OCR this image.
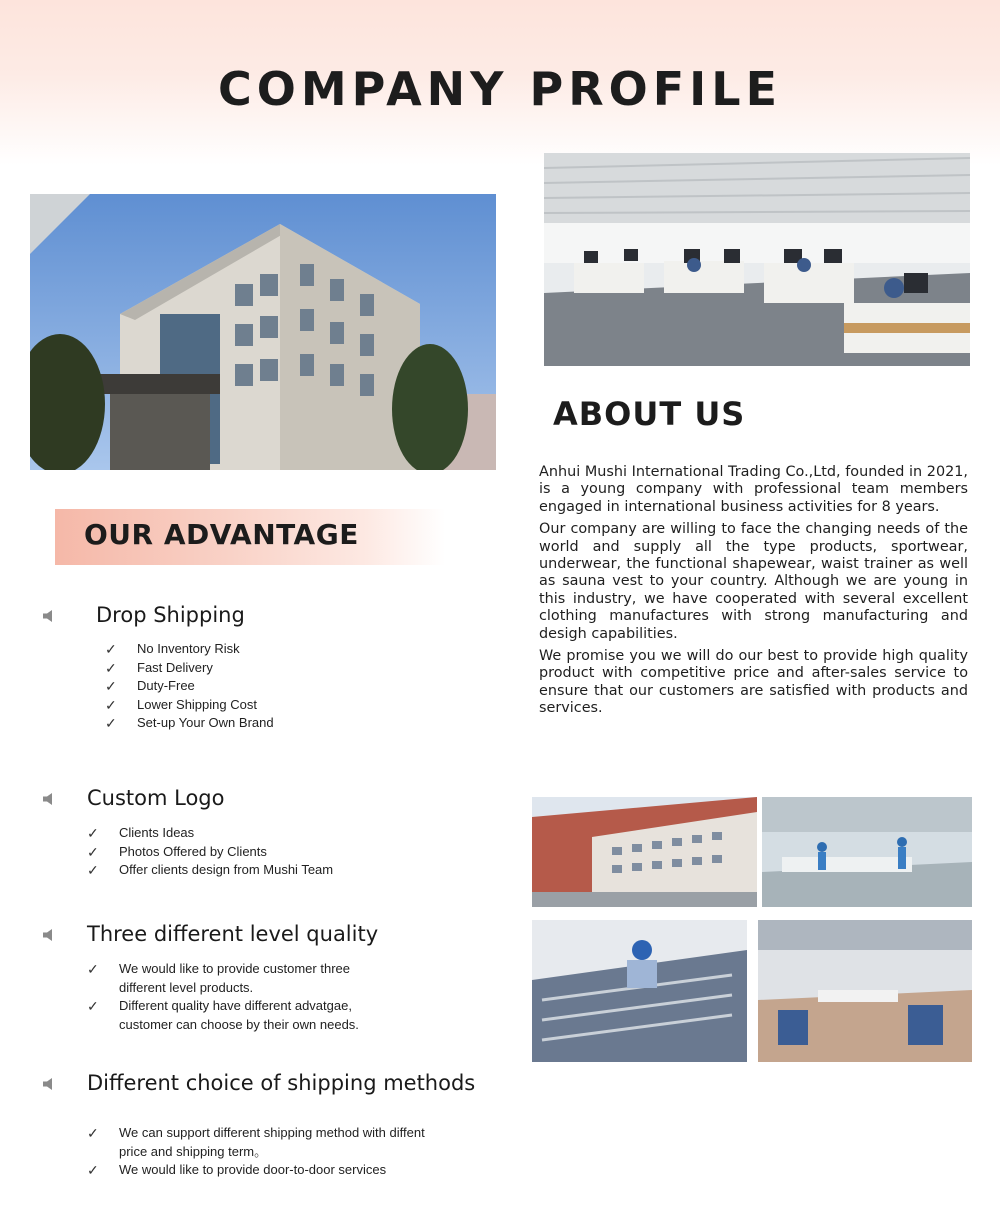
COMPANY PROFILE
ABOUT US

Anhui Mushi International Trading Co.,Ltd, founded in 2021, is a young company with professional team members engaged in international business activities for 8 years.

Our company are willing to face the changing needs of the world and supply all the type products, sportwear, underwear, the functional shapewear, waist trainer as well as sauna vest to your country. Although we are young in this industry, we have cooperated with several excellent clothing manufactures with strong manufacturing and desigh capabilities.

We promise you we will do our best to provide high quality product with competitive price and after-sales service to ensure that our customers are satisfied with products and services.

OUR ADVANTAGE
Drop Shipping
✓ No Inventory Risk
✓ Fast Delivery
✓ Duty-Free
✓ Lower Shipping Cost
✓ Set-up Your Own Brand
Custom Logo
✓ Clients Ideas
✓ Photos Offered by Clients
✓ Offer clients design from Mushi Team
Three different level quality
✓ We would like to provide customer three different level products.
✓ Different quality have different advatgae, customer can choose by their own needs.
Different choice of shipping methods
✓ We can support different shipping method with diffent price and shipping term。
✓ We would like to provide door-to-door services
